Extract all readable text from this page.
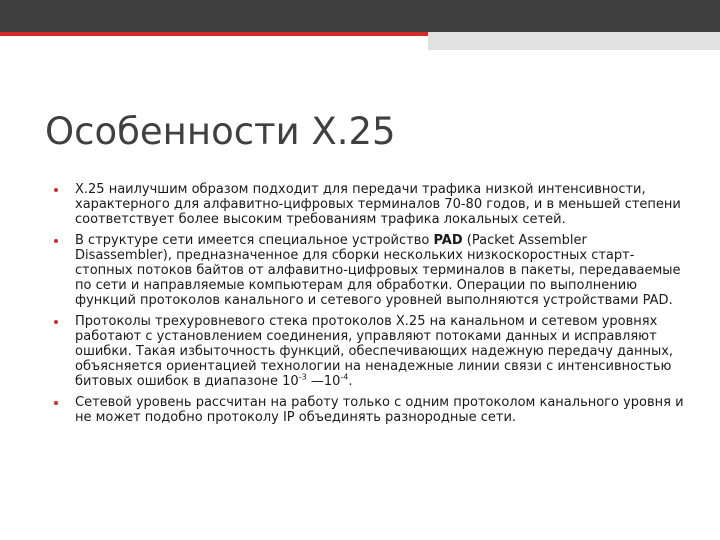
Особенности X.25
X.25 наилучшим образом подходит для передачи трафика низкой интенсивности, характерного для алфавитно-цифровых терминалов 70-80 годов, и в меньшей степени соответствует более высоким требованиям трафика локальных сетей.
В структуре сети имеется специальное устройство PAD (Packet Assembler Disassembler), предназначенное для сборки нескольких низкоскоростных старт-стопных потоков байтов от алфавитно-цифровых терминалов в пакеты, передаваемые по сети и направляемые компьютерам для обработки. Операции по выполнению функций протоколов канального и сетевого уровней выполняются устройствами PAD.
Протоколы трехуровневого стека протоколов X.25 на канальном и сетевом уровнях работают с установлением соединения, управляют потоками данных и исправляют ошибки. Такая избыточность функций, обеспечивающих надежную передачу данных, объясняется ориентацией технологии на ненадежные линии связи с интенсивностью битовых ошибок в диапазоне $10^{-3}$ $—10^{-4}$.
Сетевой уровень рассчитан на работу только с одним протоколом канального уровня и не может подобно протоколу IP объединять разнородные сети.
